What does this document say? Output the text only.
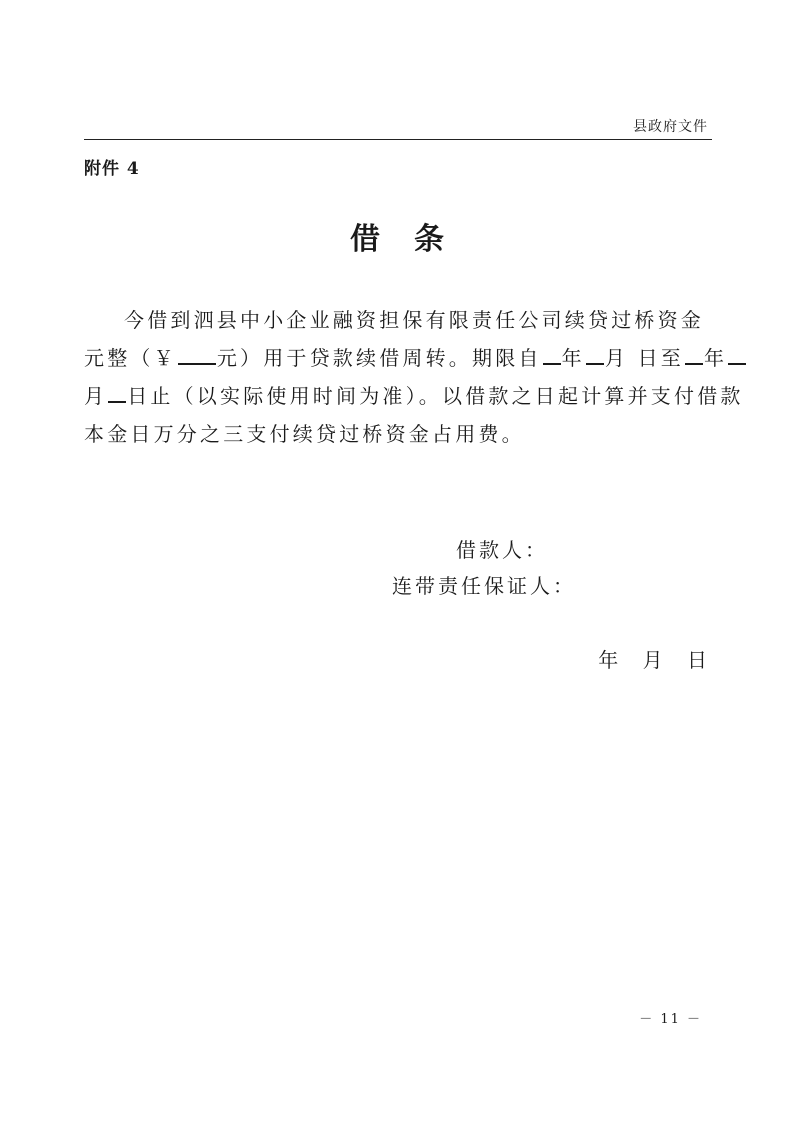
县政府文件
附件 4
借条
今借到泗县中小企业融资担保有限责任公司续贷过桥资金
元整（￥ 元）用于贷款续借周转。期限自 年 月 日至 年
月 日止（以实际使用时间为准）。以借款之日起计算并支付借款
本金日万分之三支付续贷过桥资金占用费。
借款人：
连带责任保证人：
年 月 日
－ 11 －
